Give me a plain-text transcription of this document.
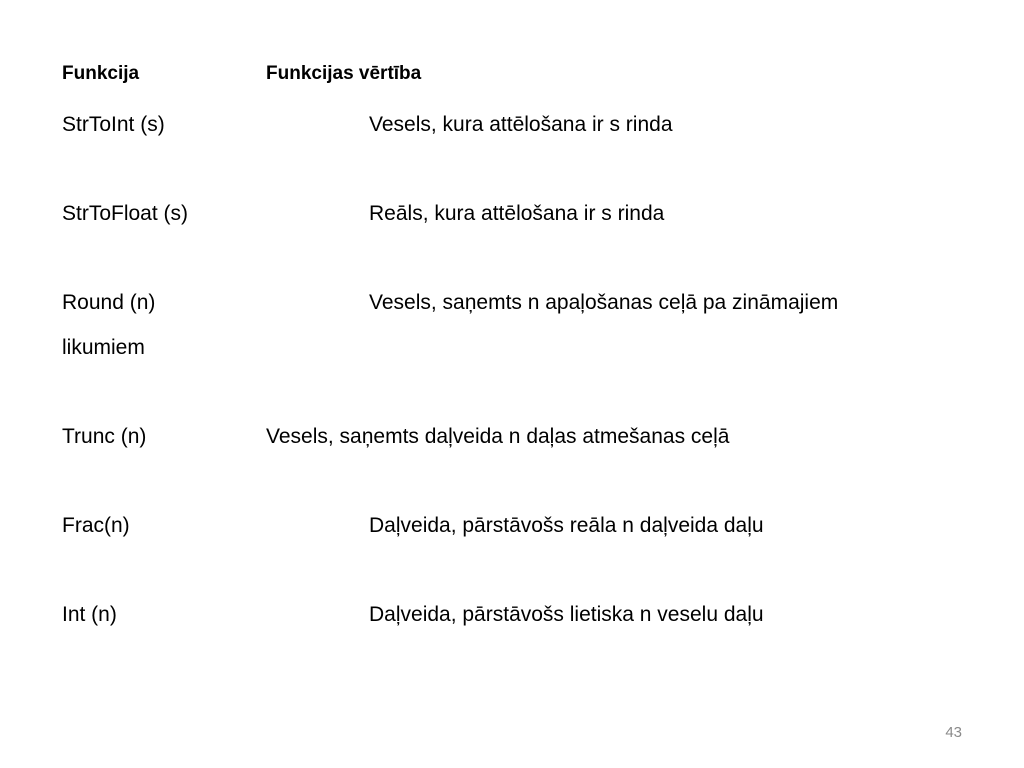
Funkcija	Funkcijas vērtība
StrToInt (s)	Vesels, kura attēlošana ir s rinda
StrToFloat (s)	Reāls, kura attēlošana ir s rinda
Round (n)	Vesels, saņemts n apaļošanas ceļā pa zināmajiem
likumiem
Trunc (n)	Vesels, saņemts daļveida n daļas atmešanas ceļā
Frac(n)	Daļveida, pārstāvošs reāla n daļveida daļu
Int (n)	Daļveida, pārstāvošs lietiska n veselu daļu
43
